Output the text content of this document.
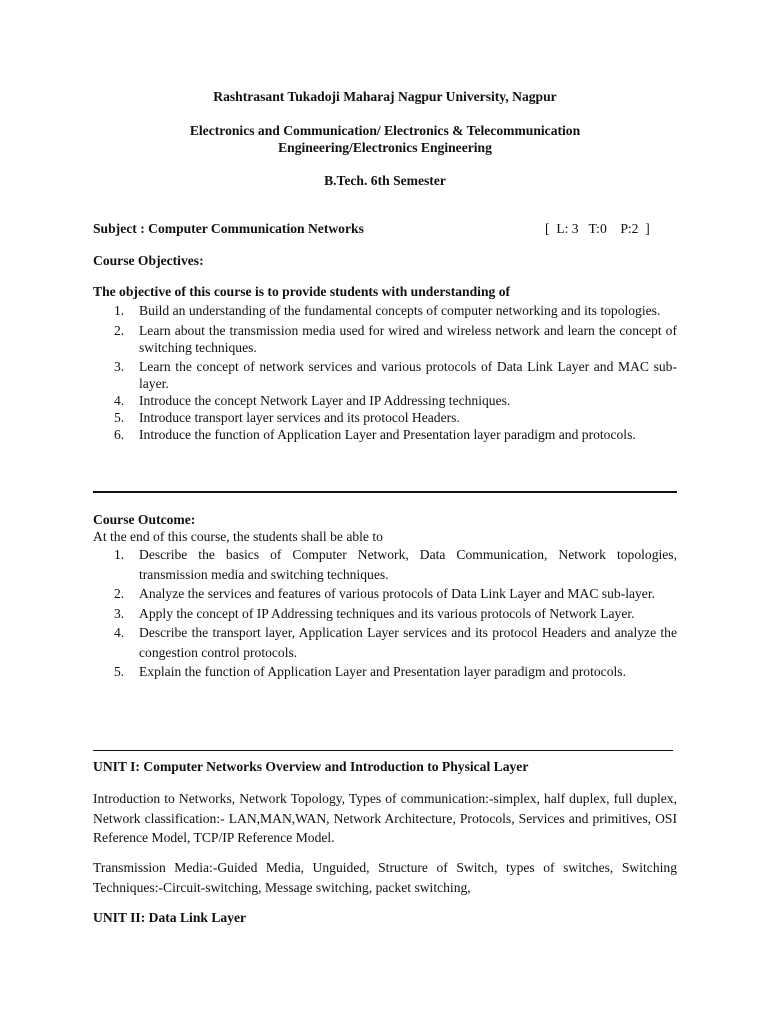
Rashtrasant Tukadoji Maharaj Nagpur University, Nagpur
Electronics and Communication/ Electronics & Telecommunication
Engineering/Electronics Engineering
B.Tech. 6th Semester
Subject : Computer Communication Networks	[  L: 3   T:0    P:2  ]
Course Objectives:
The objective of this course is to provide students with understanding of
1. Build an understanding of the fundamental concepts of computer networking and its topologies.
2. Learn about the transmission media used for wired and wireless network and learn the concept of switching techniques.
3. Learn the concept of network services and various protocols of Data Link Layer and MAC sub-layer.
4. Introduce the concept Network Layer and IP Addressing techniques.
5. Introduce transport layer services and its protocol Headers.
6. Introduce the function of Application Layer and Presentation layer paradigm and protocols.
Course Outcome:
At the end of this course, the students shall be able to
1. Describe the basics of Computer Network, Data Communication, Network topologies, transmission media and switching techniques.
2. Analyze the services and features of various protocols of Data Link Layer and MAC sub-layer.
3. Apply the concept of IP Addressing techniques and its various protocols of Network Layer.
4. Describe the transport layer, Application Layer services and its protocol Headers and analyze the congestion control protocols.
5. Explain the function of Application Layer and Presentation layer paradigm and protocols.
UNIT I: Computer Networks Overview and Introduction to Physical Layer
Introduction to Networks, Network Topology, Types of communication:-simplex, half duplex, full duplex, Network classification:- LAN,MAN,WAN, Network Architecture, Protocols, Services and primitives, OSI Reference Model, TCP/IP Reference Model.
Transmission Media:-Guided Media, Unguided, Structure of Switch, types of switches, Switching Techniques:-Circuit-switching, Message switching, packet switching,
UNIT II: Data Link Layer
